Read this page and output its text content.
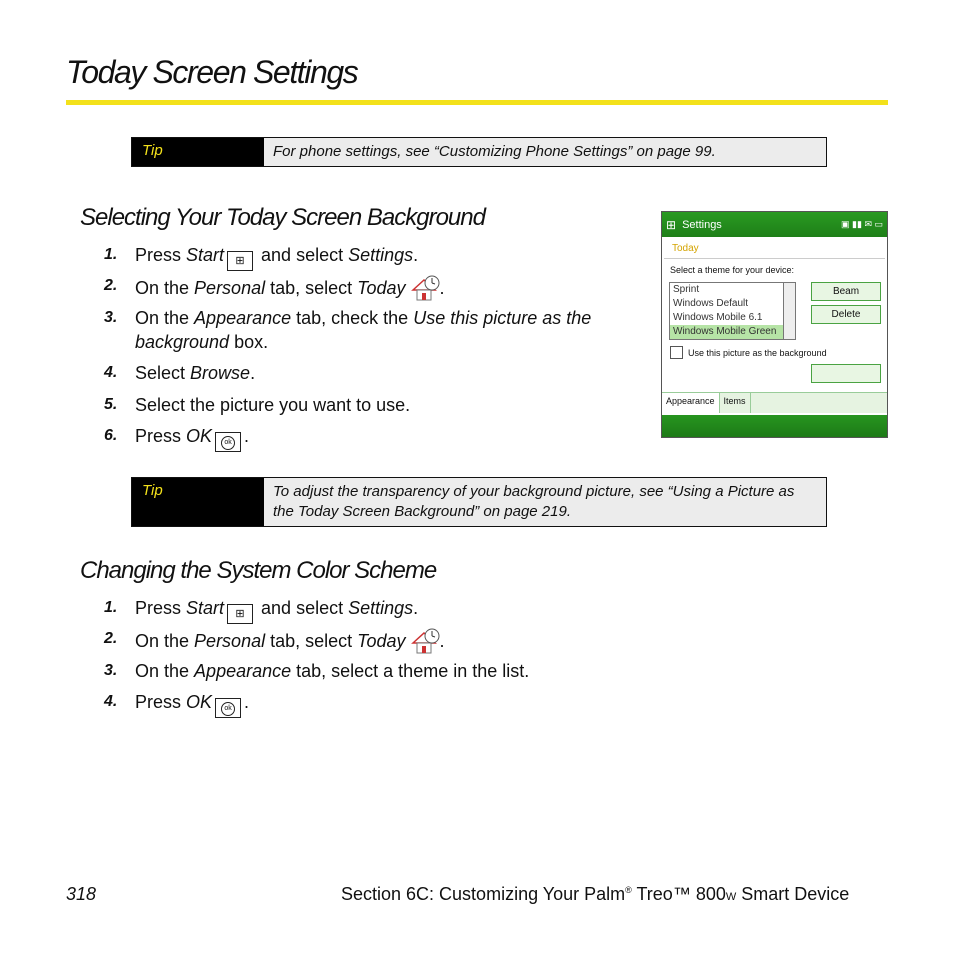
Today Screen Settings
Tip	For phone settings, see “Customizing Phone Settings” on page 99.
Selecting Your Today Screen Background
1. Press Start ⊞ and select Settings.
2. On the Personal tab, select Today .
3. On the Appearance tab, check the Use this picture as the background box.
4. Select Browse.
5. Select the picture you want to use.
6. Press OK ok .
⊞ Settings	▣ ▮▮ ✉ ▭
Today
Select a theme for your device:
Sprint
Windows Default
Windows Mobile 6.1
Windows Mobile Green
Beam
Delete
Use this picture as the background
Appearance	Items
Tip	To adjust the transparency of your background picture, see “Using a Picture as the Today Screen Background” on page 219.
Changing the System Color Scheme
1. Press Start ⊞ and select Settings.
2. On the Personal tab, select Today .
3. On the Appearance tab, select a theme in the list.
4. Press OK ok .
318	Section 6C: Customizing Your Palm® Treo™ 800W Smart Device
